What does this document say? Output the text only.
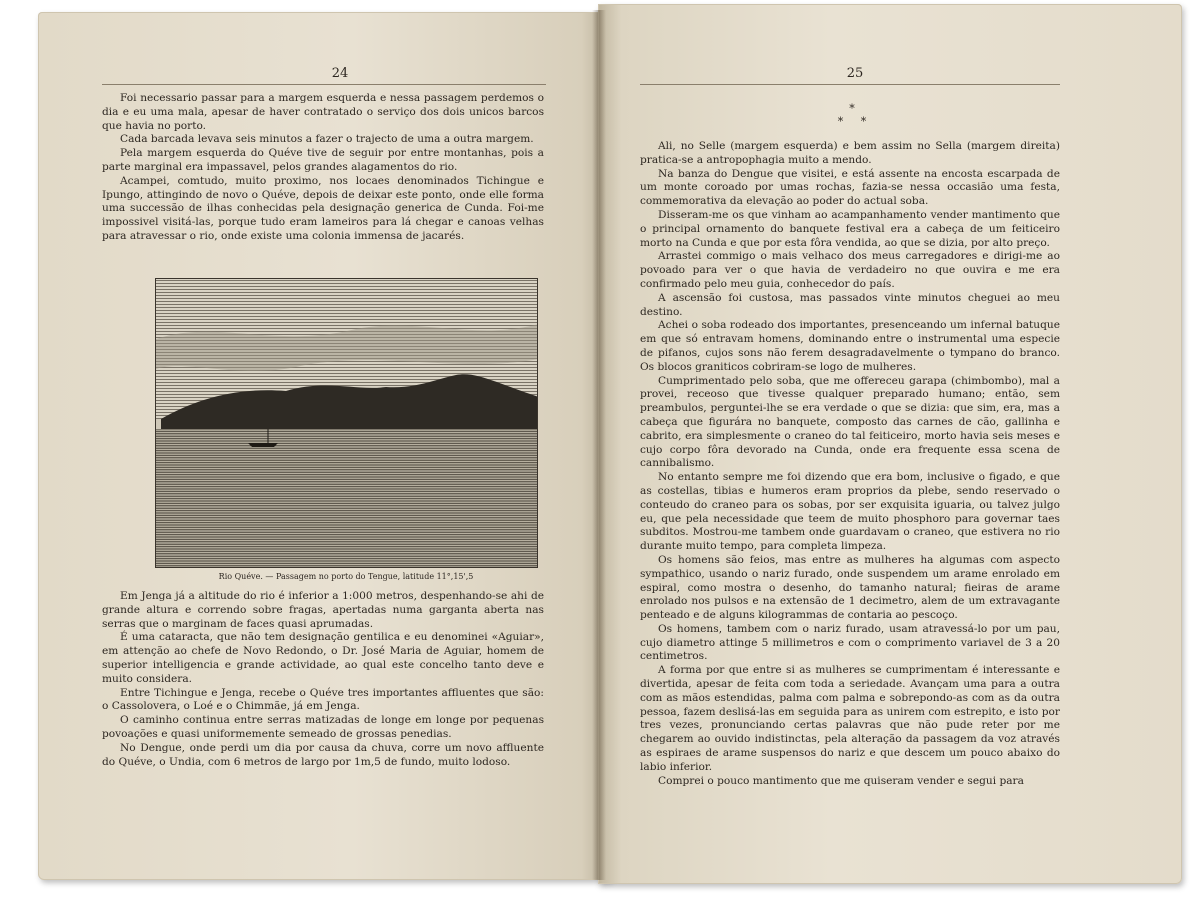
24

Foi necessario passar para a margem esquerda e nessa passagem perdemos o dia e eu uma mala, apesar de haver contratado o serviço dos dois unicos barcos que havia no porto.

Cada barcada levava seis minutos a fazer o trajecto de uma a outra margem.

Pela margem esquerda do Quéve tive de seguir por entre montanhas, pois a parte marginal era impassavel, pelos grandes alagamentos do rio.

Acampei, comtudo, muito proximo, nos locaes denominados Tichingue e Ipungo, attingindo de novo o Quéve, depois de deixar este ponto, onde elle forma uma successão de ilhas conhecidas pela designação generica de Cunda. Foi-me impossivel visitá-las, porque tudo eram lameiros para lá chegar e canoas velhas para atravessar o rio, onde existe uma colonia immensa de jacarés.

Rio Quéve. — Passagem no porto do Tengue, latitude 11°,15',5

Em Jenga já a altitude do rio é inferior a 1:000 metros, despenhando-se ahi de grande altura e correndo sobre fragas, apertadas numa garganta aberta nas serras que o marginam de faces quasi aprumadas.

É uma cataracta, que não tem designação gentilica e eu denominei «Aguiar», em attenção ao chefe de Novo Redondo, o Dr. José Maria de Aguiar, homem de superior intelligencia e grande actividade, ao qual este concelho tanto deve e muito considera.

Entre Tichingue e Jenga, recebe o Quéve tres importantes affluentes que são: o Cassolovera, o Loé e o Chimmãe, já em Jenga.

O caminho continua entre serras matizadas de longe em longe por pequenas povoações e quasi uniformemente semeado de grossas penedias.

No Dengue, onde perdi um dia por causa da chuva, corre um novo affluente do Quéve, o Undia, com 6 metros de largo por 1m,5 de fundo, muito lodoso.

25
*
*     *

Ali, no Selle (margem esquerda) e bem assim no Sella (margem direita) pratica-se a antropophagia muito a mendo.

Na banza do Dengue que visitei, e está assente na encosta escarpada de um monte coroado por umas rochas, fazia-se nessa occasião uma festa, commemorativa da elevação ao poder do actual soba.

Disseram-me os que vinham ao acampanhamento vender mantimento que o principal ornamento do banquete festival era a cabeça de um feiticeiro morto na Cunda e que por esta fôra vendida, ao que se dizia, por alto preço.

Arrastei commigo o mais velhaco dos meus carregadores e dirigi-me ao povoado para ver o que havia de verdadeiro no que ouvira e me era confirmado pelo meu guia, conhecedor do país.

A ascensão foi custosa, mas passados vinte minutos cheguei ao meu destino.

Achei o soba rodeado dos importantes, presenceando um infernal batuque em que só entravam homens, dominando entre o instrumental uma especie de pifanos, cujos sons não ferem desagradavelmente o tympano do branco. Os blocos graniticos cobriram-se logo de mulheres.

Cumprimentado pelo soba, que me offereceu garapa (chimbombo), mal a provei, receoso que tivesse qualquer preparado humano; então, sem preambulos, perguntei-lhe se era verdade o que se dizia: que sim, era, mas a cabeça que figurára no banquete, composto das carnes de cão, gallinha e cabrito, era simplesmente o craneo do tal feiticeiro, morto havia seis meses e cujo corpo fôra devorado na Cunda, onde era frequente essa scena de cannibalismo.

No entanto sempre me foi dizendo que era bom, inclusive o figado, e que as costellas, tibias e humeros eram proprios da plebe, sendo reservado o conteudo do craneo para os sobas, por ser exquisita iguaria, ou talvez julgo eu, que pela necessidade que teem de muito phosphoro para governar taes subditos. Mostrou-me tambem onde guardavam o craneo, que estivera no rio durante muito tempo, para completa limpeza.

Os homens são feios, mas entre as mulheres ha algumas com aspecto sympathico, usando o nariz furado, onde suspendem um arame enrolado em espiral, como mostra o desenho, do tamanho natural; fieiras de arame enrolado nos pulsos e na extensão de 1 decimetro, alem de um extravagante penteado e de alguns kilogrammas de contaria ao pescoço.

Os homens, tambem com o nariz furado, usam atravessá-lo por um pau, cujo diametro attinge 5 millimetros e com o comprimento variavel de 3 a 20 centimetros.

A forma por que entre si as mulheres se cumprimentam é interessante e divertida, apesar de feita com toda a seriedade. Avançam uma para a outra com as mãos estendidas, palma com palma e sobrepondo-as com as da outra pessoa, fazem deslisá-las em seguida para as unirem com estrepito, e isto por tres vezes, pronunciando certas palavras que não pude reter por me chegarem ao ouvido indistinctas, pela alteração da passagem da voz através as espiraes de arame suspensos do nariz e que descem um pouco abaixo do labio inferior.

Comprei o pouco mantimento que me quiseram vender e segui para
